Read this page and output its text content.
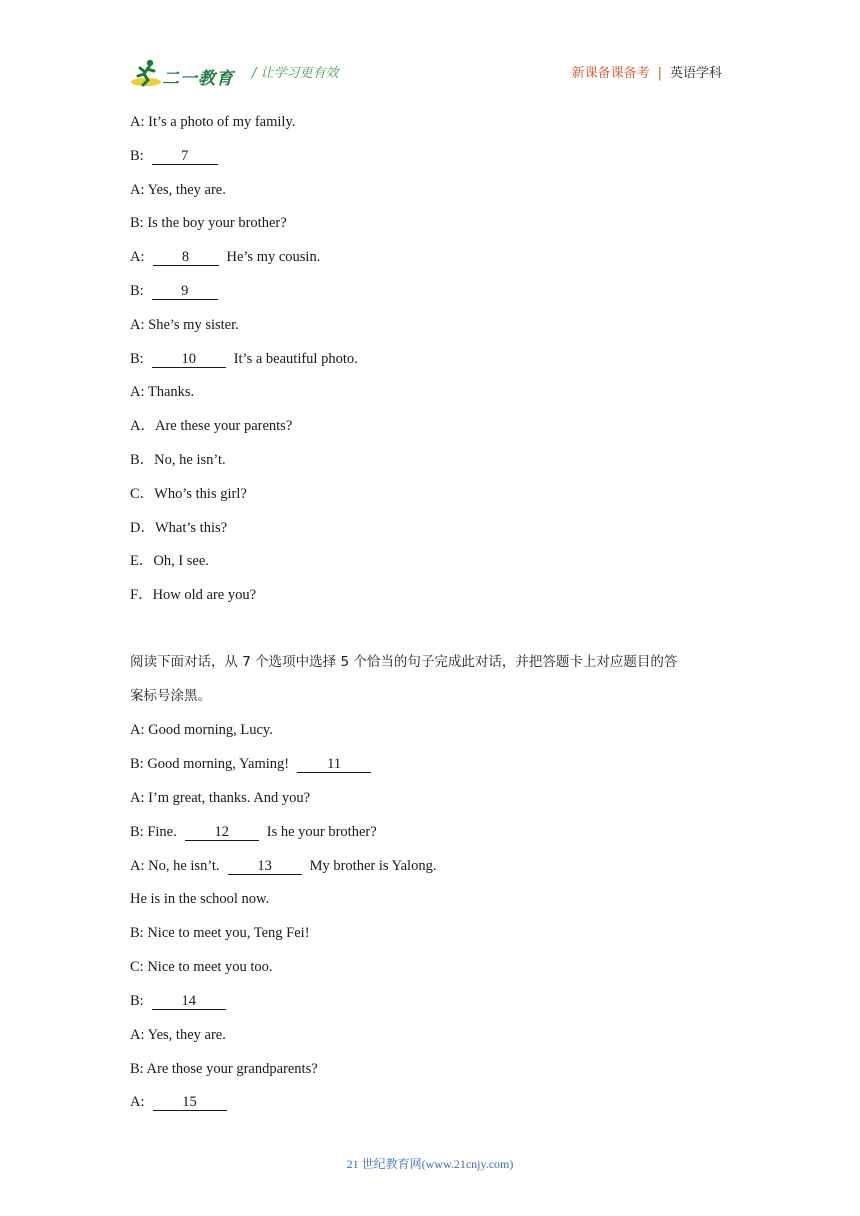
二一教育 / 让学习更有效	新课备课备考 | 英语学科
A: It’s a photo of my family.
B:	7
A: Yes, they are.
B: Is the boy your brother?
A:	8	He’s my cousin.
B:	9
A: She’s my sister.
B:	10	It’s a beautiful photo.
A: Thanks.
A．Are these your parents?
B．No, he isn’t.
C．Who’s this girl?
D．What’s this?
E．Oh, I see.
F．How old are you?
阅读下面对话，从 7 个选项中选择 5 个恰当的句子完成此对话，并把答题卡上对应题目的答
案标号涂黑。
A: Good morning, Lucy.
B: Good morning, Yaming!	11
A: I’m great, thanks. And you?
B: Fine.	12	Is he your brother?
A: No, he isn’t.	13	My brother is Yalong.
He is in the school now.
B: Nice to meet you, Teng Fei!
C: Nice to meet you too.
B:	14
A: Yes, they are.
B: Are those your grandparents?
A:	15
21 世纪教育网(www.21cnjy.com)
